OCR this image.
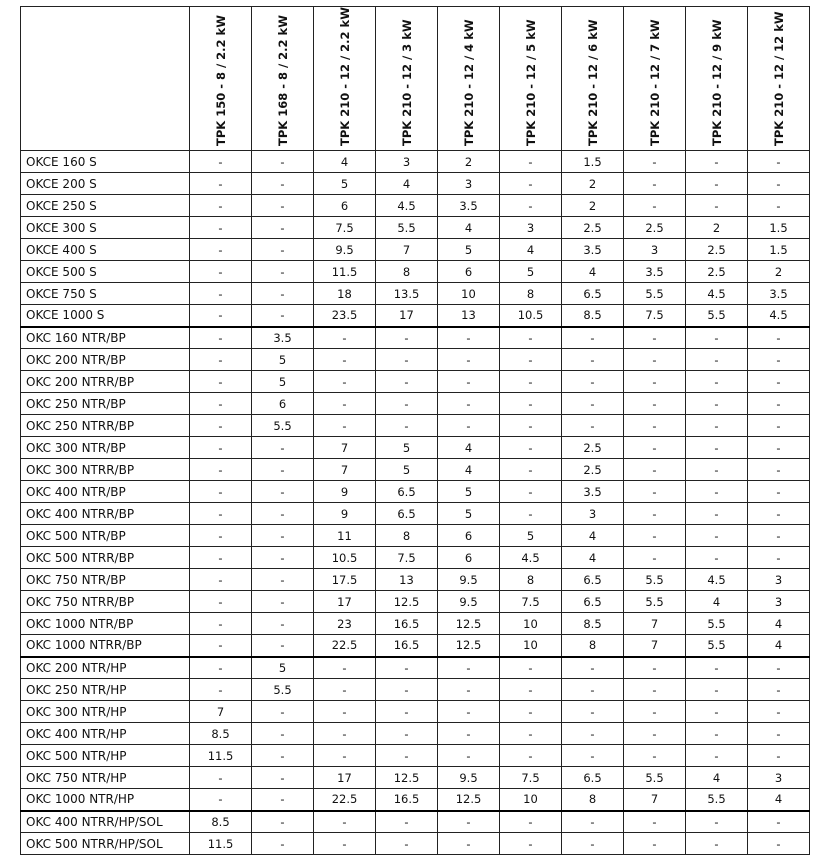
	TPK 150 - 8 / 2.2 kW	TPK 168 - 8 / 2.2 kW	TPK 210 - 12 / 2.2 kW	TPK 210 - 12 / 3 kW	TPK 210 - 12 / 4 kW	TPK 210 - 12 / 5 kW	TPK 210 - 12 / 6 kW	TPK 210 - 12 / 7 kW	TPK 210 - 12 / 9 kW	TPK 210 - 12 / 12 kW

OKCE 160 S	-	-	4	3	2	-	1.5	-	-	-
OKCE 200 S	-	-	5	4	3	-	2	-	-	-
OKCE 250 S	-	-	6	4.5	3.5	-	2	-	-	-
OKCE 300 S	-	-	7.5	5.5	4	3	2.5	2.5	2	1.5
OKCE 400 S	-	-	9.5	7	5	4	3.5	3	2.5	1.5
OKCE 500 S	-	-	11.5	8	6	5	4	3.5	2.5	2
OKCE 750 S	-	-	18	13.5	10	8	6.5	5.5	4.5	3.5
OKCE 1000 S	-	-	23.5	17	13	10.5	8.5	7.5	5.5	4.5
OKC 160 NTR/BP	-	3.5	-	-	-	-	-	-	-	-
OKC 200 NTR/BP	-	5	-	-	-	-	-	-	-	-
OKC 200 NTRR/BP	-	5	-	-	-	-	-	-	-	-
OKC 250 NTR/BP	-	6	-	-	-	-	-	-	-	-
OKC 250 NTRR/BP	-	5.5	-	-	-	-	-	-	-	-
OKC 300 NTR/BP	-	-	7	5	4	-	2.5	-	-	-
OKC 300 NTRR/BP	-	-	7	5	4	-	2.5	-	-	-
OKC 400 NTR/BP	-	-	9	6.5	5	-	3.5	-	-	-
OKC 400 NTRR/BP	-	-	9	6.5	5	-	3	-	-	-
OKC 500 NTR/BP	-	-	11	8	6	5	4	-	-	-
OKC 500 NTRR/BP	-	-	10.5	7.5	6	4.5	4	-	-	-
OKC 750 NTR/BP	-	-	17.5	13	9.5	8	6.5	5.5	4.5	3
OKC 750 NTRR/BP	-	-	17	12.5	9.5	7.5	6.5	5.5	4	3
OKC 1000 NTR/BP	-	-	23	16.5	12.5	10	8.5	7	5.5	4
OKC 1000 NTRR/BP	-	-	22.5	16.5	12.5	10	8	7	5.5	4
OKC 200 NTR/HP	-	5	-	-	-	-	-	-	-	-
OKC 250 NTR/HP	-	5.5	-	-	-	-	-	-	-	-
OKC 300 NTR/HP	7	-	-	-	-	-	-	-	-	-
OKC 400 NTR/HP	8.5	-	-	-	-	-	-	-	-	-
OKC 500 NTR/HP	11.5	-	-	-	-	-	-	-	-	-
OKC 750 NTR/HP	-	-	17	12.5	9.5	7.5	6.5	5.5	4	3
OKC 1000 NTR/HP	-	-	22.5	16.5	12.5	10	8	7	5.5	4
OKC 400 NTRR/HP/SOL	8.5	-	-	-	-	-	-	-	-	-
OKC 500 NTRR/HP/SOL	11.5	-	-	-	-	-	-	-	-	-
